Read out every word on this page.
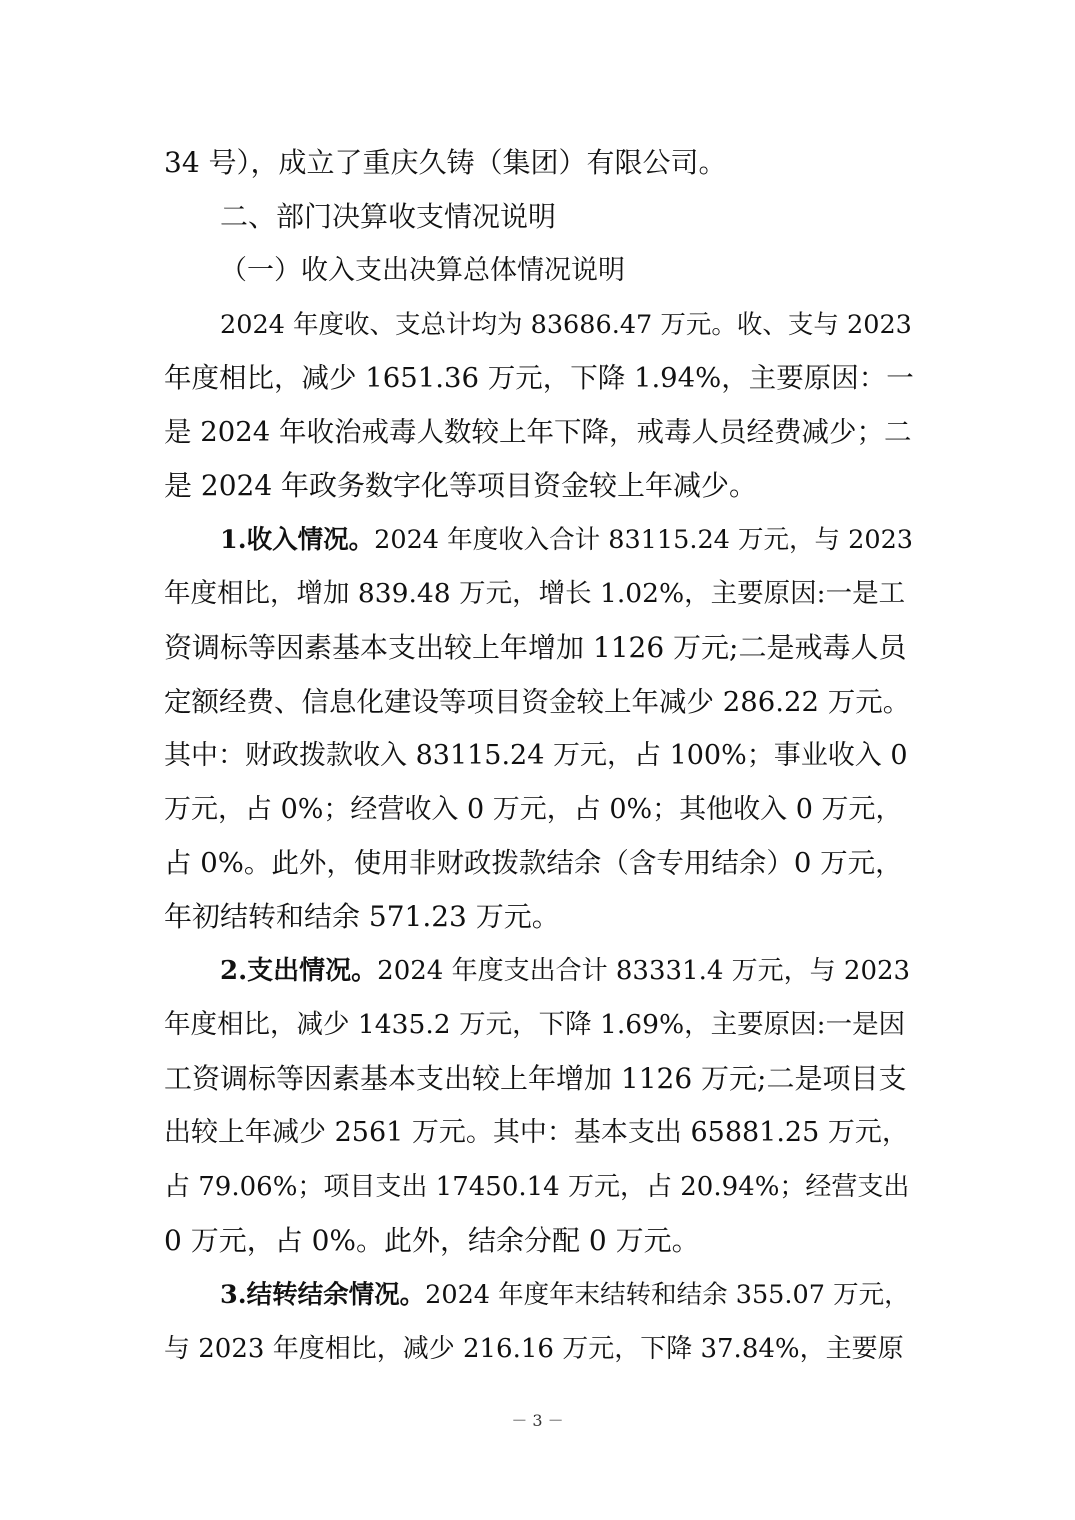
34 号），成立了重庆久铸（集团）有限公司。
二、部门决算收支情况说明
（一）收入支出决算总体情况说明
2024 年度收、支总计均为 83686.47 万元。收、支与 2023
年度相比，减少 1651.36 万元，下降 1.94%，主要原因：一
是 2024 年收治戒毒人数较上年下降，戒毒人员经费减少；二
是 2024 年政务数字化等项目资金较上年减少。
1.收入情况。2024 年度收入合计 83115.24 万元，与 2023
年度相比，增加 839.48 万元，增长 1.02%，主要原因:一是工
资调标等因素基本支出较上年增加 1126 万元;二是戒毒人员
定额经费、信息化建设等项目资金较上年减少 286.22 万元。
其中：财政拨款收入 83115.24 万元，占 100%；事业收入 0
万元，占 0%；经营收入 0 万元，占 0%；其他收入 0 万元，
占 0%。此外，使用非财政拨款结余（含专用结余）0 万元，
年初结转和结余 571.23 万元。
2.支出情况。2024 年度支出合计 83331.4 万元，与 2023
年度相比，减少 1435.2 万元，下降 1.69%，主要原因:一是因
工资调标等因素基本支出较上年增加 1126 万元;二是项目支
出较上年减少 2561 万元。其中：基本支出 65881.25 万元，
占 79.06%；项目支出 17450.14 万元，占 20.94%；经营支出
0 万元，占 0%。此外，结余分配 0 万元。
3.结转结余情况。2024 年度年末结转和结余 355.07 万元，
与 2023 年度相比，减少 216.16 万元，下降 37.84%，主要原
－ 3 －
